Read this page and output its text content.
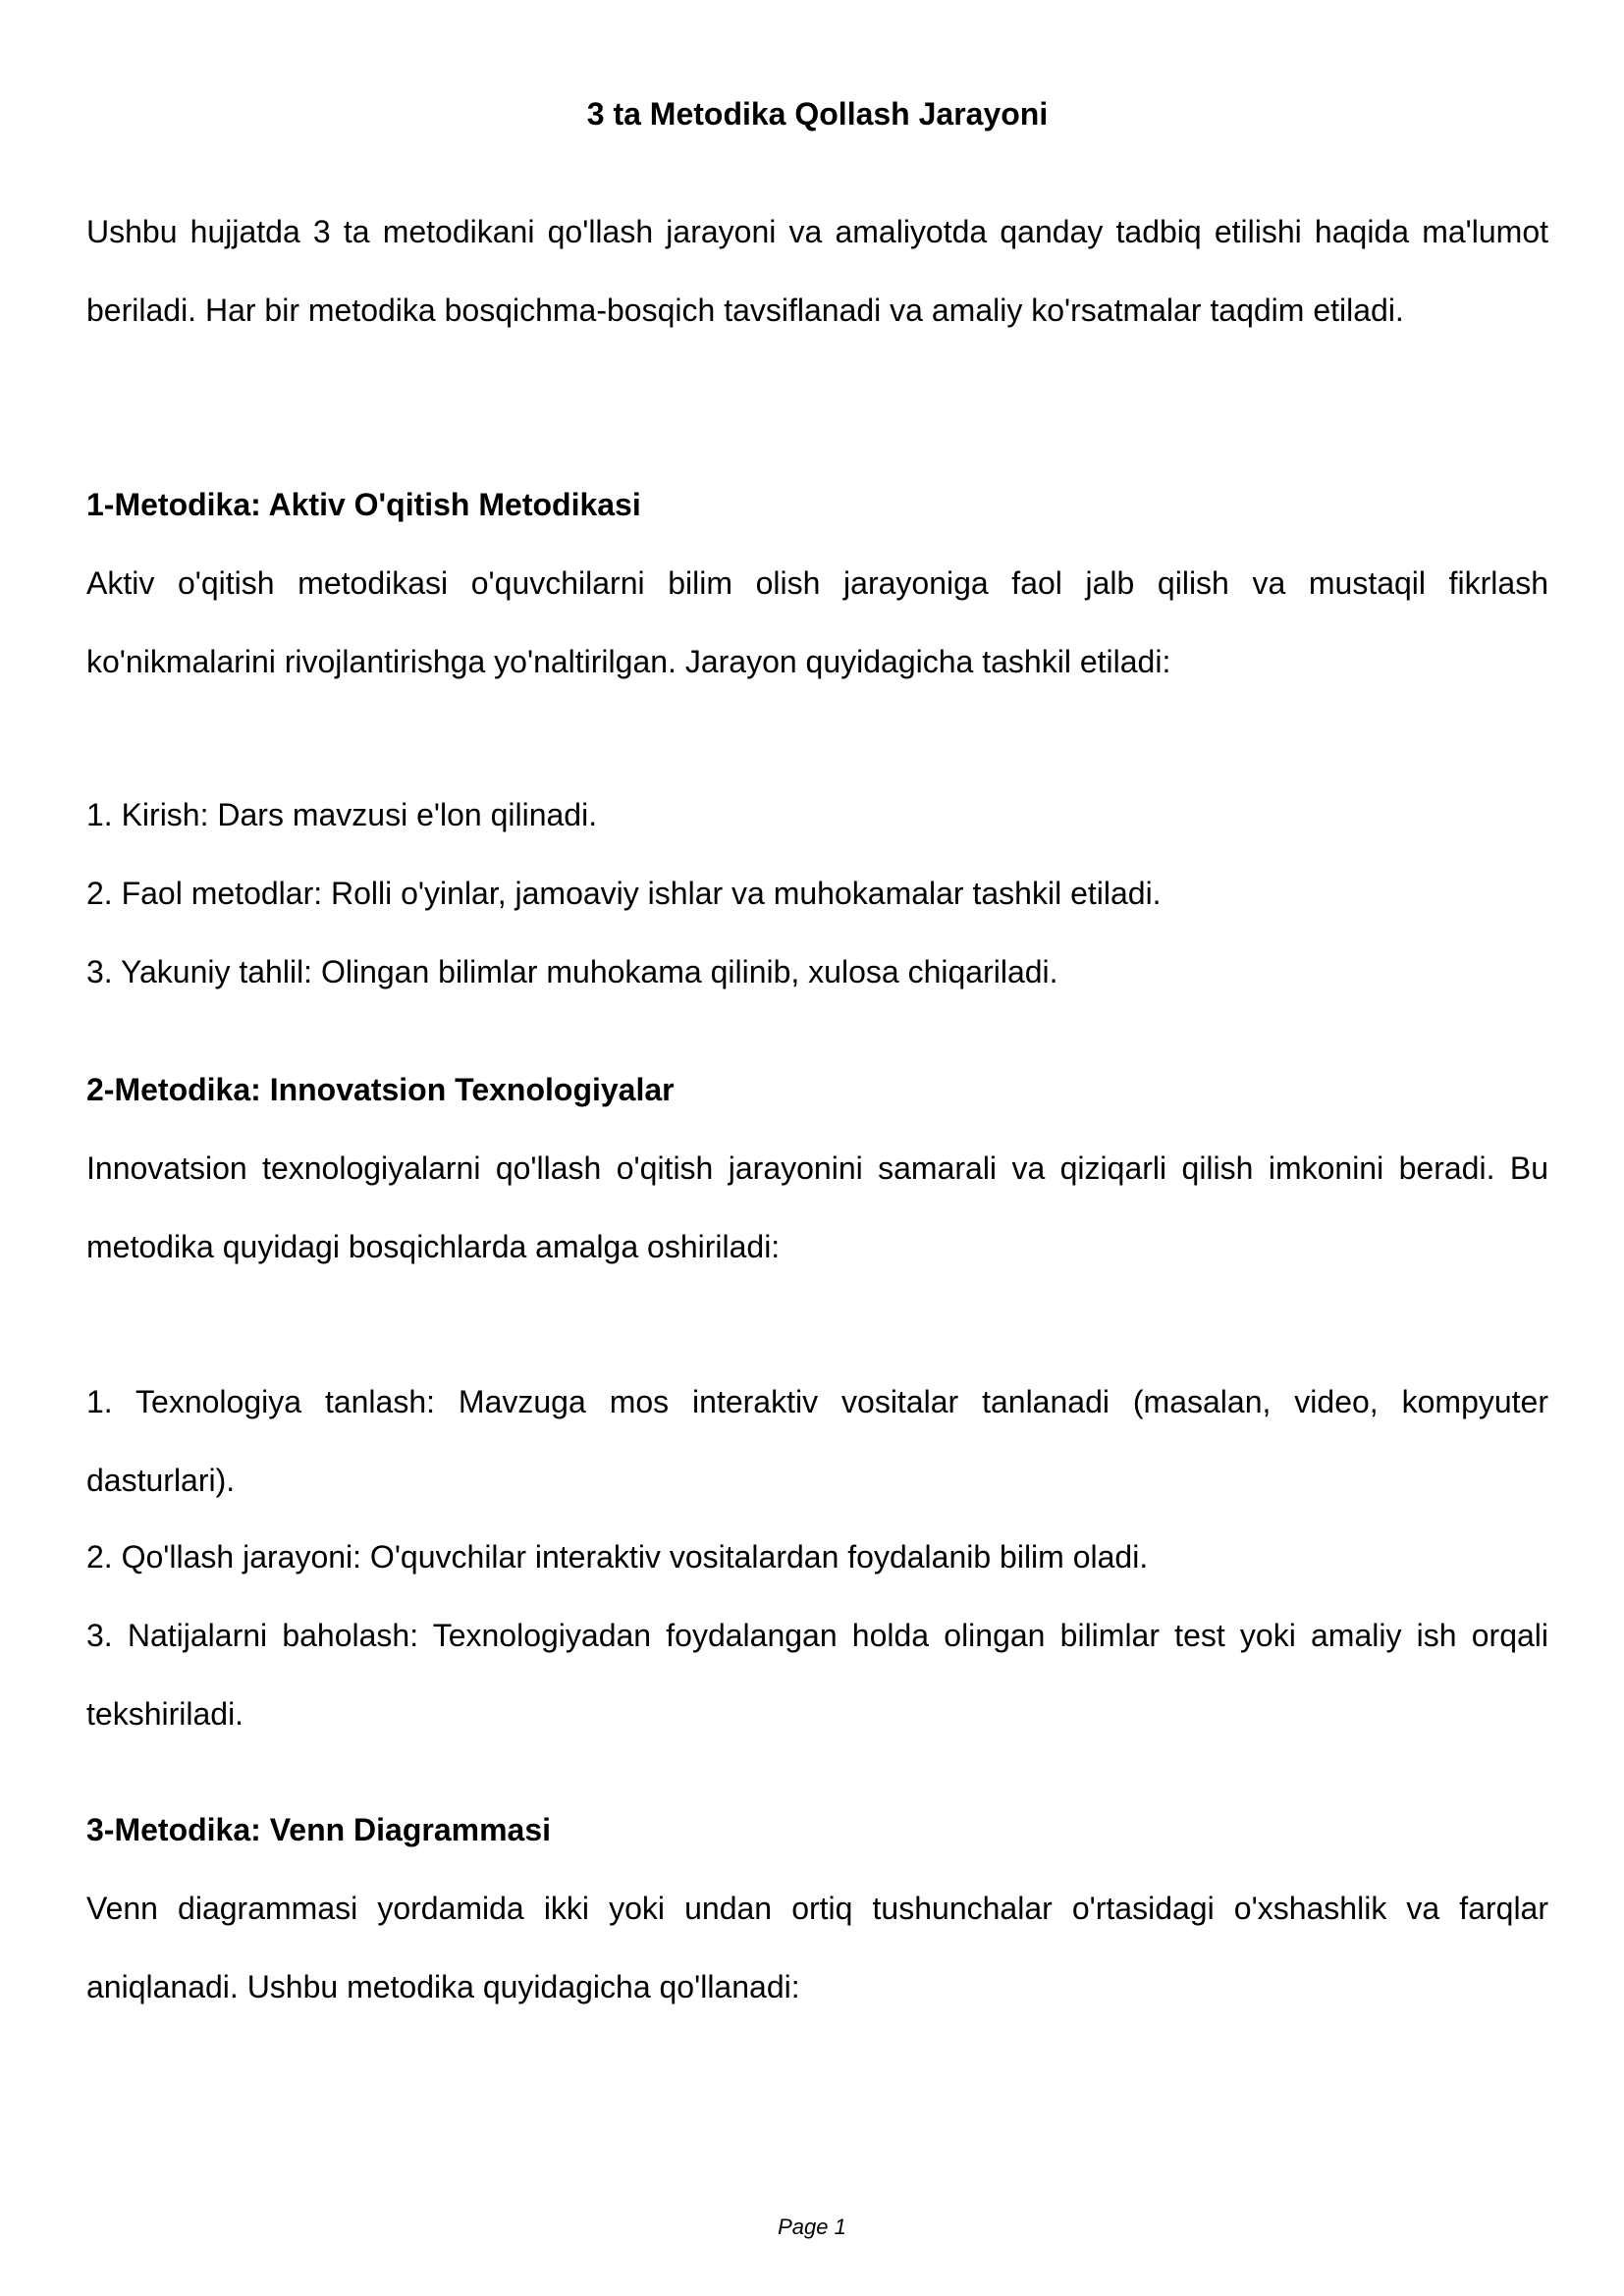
3 ta Metodika Qollash Jarayoni
Ushbu hujjatda 3 ta metodikani qo'llash jarayoni va amaliyotda qanday tadbiq etilishi haqida ma'lumot beriladi. Har bir metodika bosqichma-bosqich tavsiflanadi va amaliy ko'rsatmalar taqdim etiladi.
1-Metodika: Aktiv O'qitish Metodikasi
Aktiv o'qitish metodikasi o'quvchilarni bilim olish jarayoniga faol jalb qilish va mustaqil fikrlash ko'nikmalarini rivojlantirishga yo'naltirilgan. Jarayon quyidagicha tashkil etiladi:
1. Kirish: Dars mavzusi e'lon qilinadi.
2. Faol metodlar: Rolli o'yinlar, jamoaviy ishlar va muhokamalar tashkil etiladi.
3. Yakuniy tahlil: Olingan bilimlar muhokama qilinib, xulosa chiqariladi.
2-Metodika: Innovatsion Texnologiyalar
Innovatsion texnologiyalarni qo'llash o'qitish jarayonini samarali va qiziqarli qilish imkonini beradi. Bu metodika quyidagi bosqichlarda amalga oshiriladi:
1. Texnologiya tanlash: Mavzuga mos interaktiv vositalar tanlanadi (masalan, video, kompyuter dasturlari).
2. Qo'llash jarayoni: O'quvchilar interaktiv vositalardan foydalanib bilim oladi.
3. Natijalarni baholash: Texnologiyadan foydalangan holda olingan bilimlar test yoki amaliy ish orqali tekshiriladi.
3-Metodika: Venn Diagrammasi
Venn diagrammasi yordamida ikki yoki undan ortiq tushunchalar o'rtasidagi o'xshashlik va farqlar aniqlanadi. Ushbu metodika quyidagicha qo'llanadi:
Page 1
